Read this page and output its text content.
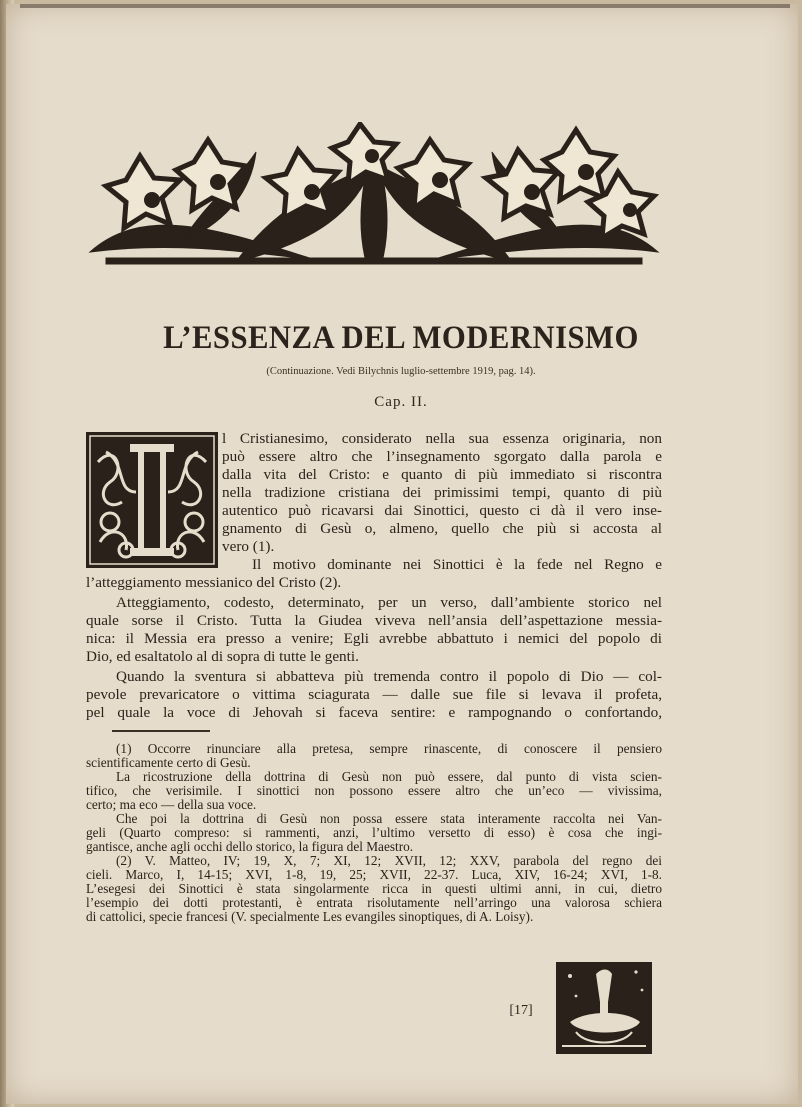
L’ESSENZA DEL MODERNISMO
(Continuazione. Vedi Bilychnis luglio-settembre 1919, pag. 14).
Cap. II.
I
l Cristianesimo, considerato nella sua essenza originaria, non
può essere altro che l’insegnamento sgorgato dalla parola e
dalla vita del Cristo: e quanto di più immediato si riscontra
nella tradizione cristiana dei primissimi tempi, quanto di più
autentico può ricavarsi dai Sinottici, questo ci dà il vero inse-
gnamento di Gesù o, almeno, quello che più si accosta al
vero (1).
Il motivo dominante nei Sinottici è la fede nel Regno e
l’atteggiamento messianico del Cristo (2).
Atteggiamento, codesto, determinato, per un verso, dall’ambiente storico nel
quale sorse il Cristo. Tutta la Giudea viveva nell’ansia dell’aspettazione messia-
nica: il Messia era presso a venire; Egli avrebbe abbattuto i nemici del popolo di
Dio, ed esaltatolo al di sopra di tutte le genti.
Quando la sventura si abbatteva più tremenda contro il popolo di Dio — col-
pevole prevaricatore o vittima sciagurata — dalle sue file si levava il profeta,
pel quale la voce di Jehovah si faceva sentire: e rampognando o confortando,
(1) Occorre rinunciare alla pretesa, sempre rinascente, di conoscere il pensiero
scientificamente certo di Gesù.
La ricostruzione della dottrina di Gesù non può essere, dal punto di vista scien-
tifico, che verisimile. I sinottici non possono essere altro che un’eco — vivissima,
certo; ma eco — della sua voce.
Che poi la dottrina di Gesù non possa essere stata interamente raccolta nei Van-
geli (Quarto compreso: si rammenti, anzi, l’ultimo versetto di esso) è cosa che ingi-
gantisce, anche agli occhi dello storico, la figura del Maestro.
(2) V. Matteo, IV; 19, X, 7; XI, 12; XVII, 12; XXV, parabola del regno dei
cieli. Marco, I, 14-15; XVI, 1-8, 19, 25; XVII, 22-37. Luca, XIV, 16-24; XVI, 1-8.
L’esegesi dei Sinottici è stata singolarmente ricca in questi ultimi anni, in cui, dietro
l’esempio dei dotti protestanti, è entrata risolutamente nell’arringo una valorosa schiera
di cattolici, specie francesi (V. specialmente Les evangiles sinoptiques, di A. Loisy).
[17]
